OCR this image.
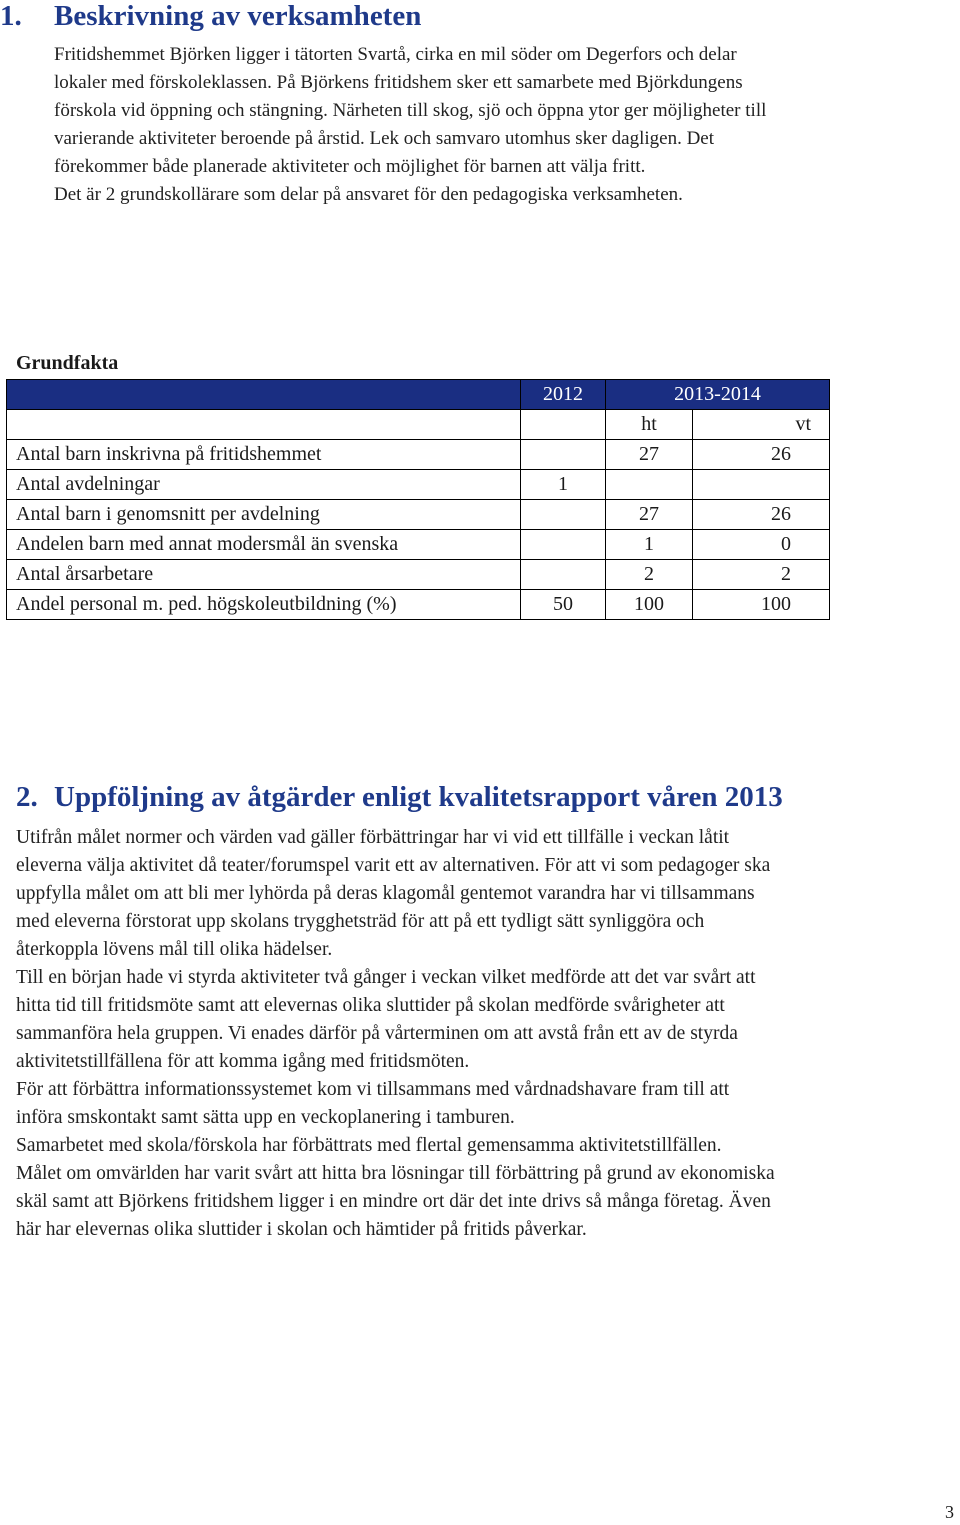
1. Beskrivning av verksamheten
Fritidshemmet Björken ligger i tätorten Svartå, cirka en mil söder om Degerfors och delar
lokaler med förskoleklassen. På Björkens fritidshem sker ett samarbete med Björkdungens
förskola vid öppning och stängning. Närheten till skog, sjö och öppna ytor ger möjligheter till
varierande aktiviteter beroende på årstid. Lek och samvaro utomhus sker dagligen. Det
förekommer både planerade aktiviteter och möjlighet för barnen att välja fritt.
Det är 2 grundskollärare som delar på ansvaret för den pedagogiska verksamheten.
Grundfakta
	2012	2013-2014	
		ht	vt
Antal barn inskrivna på fritidshemmet		27	26
Antal avdelningar	1		
Antal barn i genomsnitt per avdelning		27	26
Andelen barn med annat modersmål än svenska		1	0
Antal årsarbetare		2	2
Andel personal m. ped. högskoleutbildning (%)	50	100	100
2. Uppföljning av åtgärder enligt kvalitetsrapport våren 2013
Utifrån målet normer och värden vad gäller förbättringar har vi vid ett tillfälle i veckan låtit
eleverna välja aktivitet då teater/forumspel varit ett av alternativen. För att vi som pedagoger ska
uppfylla målet om att bli mer lyhörda på deras klagomål gentemot varandra har vi tillsammans
med eleverna förstorat upp skolans trygghetsträd för att på ett tydligt sätt synliggöra och
återkoppla lövens mål till olika hädelser.
Till en början hade vi styrda aktiviteter två gånger i veckan vilket medförde att det var svårt att
hitta tid till fritidsmöte samt att elevernas olika sluttider på skolan medförde svårigheter att
sammanföra hela gruppen. Vi enades därför på vårterminen om att avstå från ett av de styrda
aktivitetstillfällena för att komma igång med fritidsmöten.
För att förbättra informationssystemet kom vi tillsammans med vårdnadshavare fram till att
införa smskontakt samt sätta upp en veckoplanering i tamburen.
Samarbetet med skola/förskola har förbättrats med flertal gemensamma aktivitetstillfällen.
Målet om omvärlden har varit svårt att hitta bra lösningar till förbättring på grund av ekonomiska
skäl samt att Björkens fritidshem ligger i en mindre ort där det inte drivs så många företag. Även
här har elevernas olika sluttider i skolan och hämtider på fritids påverkar.
3
